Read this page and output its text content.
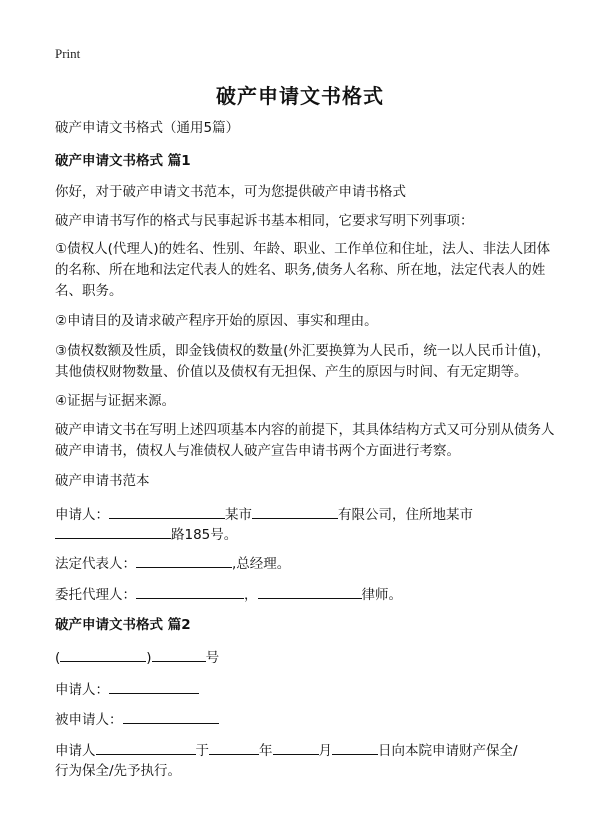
Print
破产申请文书格式
破产申请文书格式（通用5篇）
破产申请文书格式 篇1
你好，对于破产申请文书范本，可为您提供破产申请书格式
破产申请书写作的格式与民事起诉书基本相同，它要求写明下列事项：
①债权人(代理人)的姓名、性别、年龄、职业、工作单位和住址，法人、非法人团体的名称、所在地和法定代表人的姓名、职务,债务人名称、所在地，法定代表人的姓名、职务。
②申请目的及请求破产程序开始的原因、事实和理由。
③债权数额及性质，即金钱债权的数量(外汇要换算为人民币，统一以人民币计值)，其他债权财物数量、价值以及债权有无担保、产生的原因与时间、有无定期等。
④证据与证据来源。
破产申请文书在写明上述四项基本内容的前提下，其具体结构方式又可分别从债务人破产申请书，债权人与准债权人破产宣告申请书两个方面进行考察。
破产申请书范本
申请人：	某市	有限公司，住所地某市
路185号。
法定代表人：	,总经理。
委托代理人：	，	律师。
破产申请文书格式 篇2
(	)	号
申请人：
被申请人：
申请人	于	年	月	日向本院申请财产保全/
行为保全/先予执行。
